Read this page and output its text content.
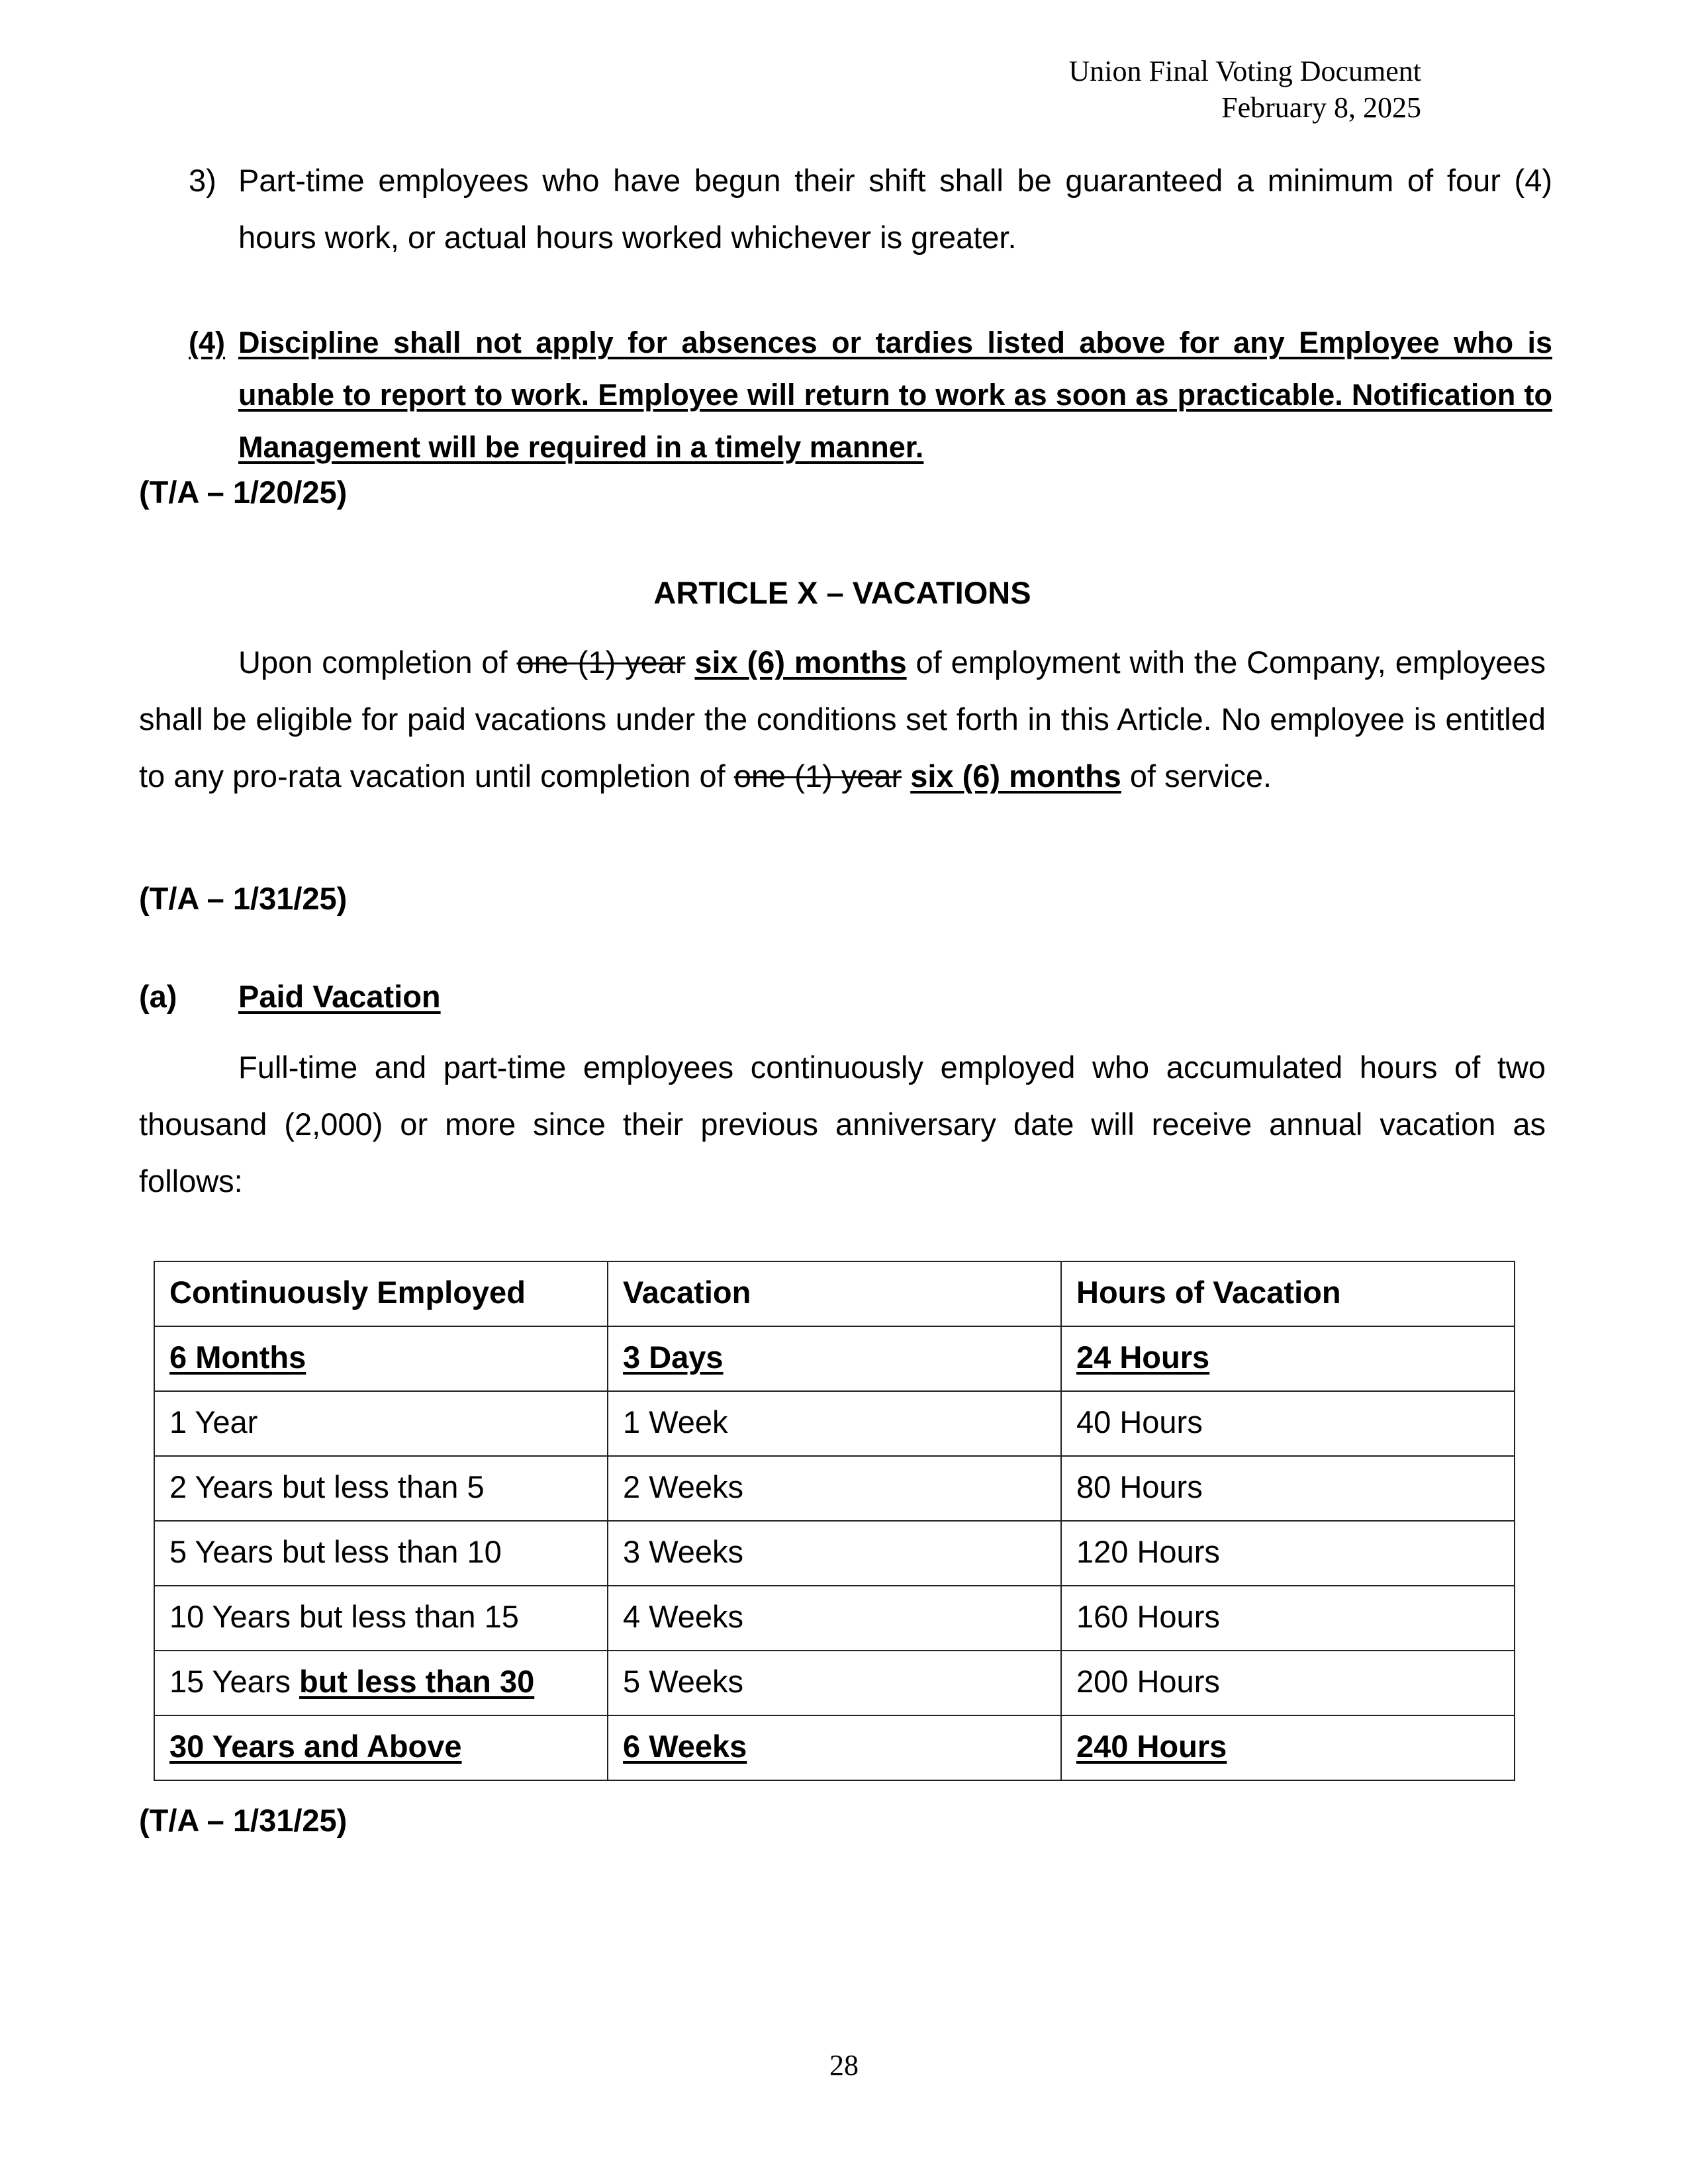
Union Final Voting Document
February 8, 2025
3) Part-time employees who have begun their shift shall be guaranteed a minimum of four (4) hours work, or actual hours worked whichever is greater.
(4) Discipline shall not apply for absences or tardies listed above for any Employee who is unable to report to work. Employee will return to work as soon as practicable. Notification to Management will be required in a timely manner.
(T/A – 1/20/25)
ARTICLE X – VACATIONS
Upon completion of one (1) year six (6) months of employment with the Company, employees shall be eligible for paid vacations under the conditions set forth in this Article. No employee is entitled to any pro-rata vacation until completion of one (1) year six (6) months of service.
(T/A – 1/31/25)
(a) Paid Vacation
Full-time and part-time employees continuously employed who accumulated hours of two thousand (2,000) or more since their previous anniversary date will receive annual vacation as follows:
Continuously Employed	Vacation	Hours of Vacation
6 Months	3 Days	24 Hours
1 Year	1 Week	40 Hours
2 Years but less than 5	2 Weeks	80 Hours
5 Years but less than 10	3 Weeks	120 Hours
10 Years but less than 15	4 Weeks	160 Hours
15 Years but less than 30	5 Weeks	200 Hours
30 Years and Above	6 Weeks	240 Hours
(T/A – 1/31/25)
28
